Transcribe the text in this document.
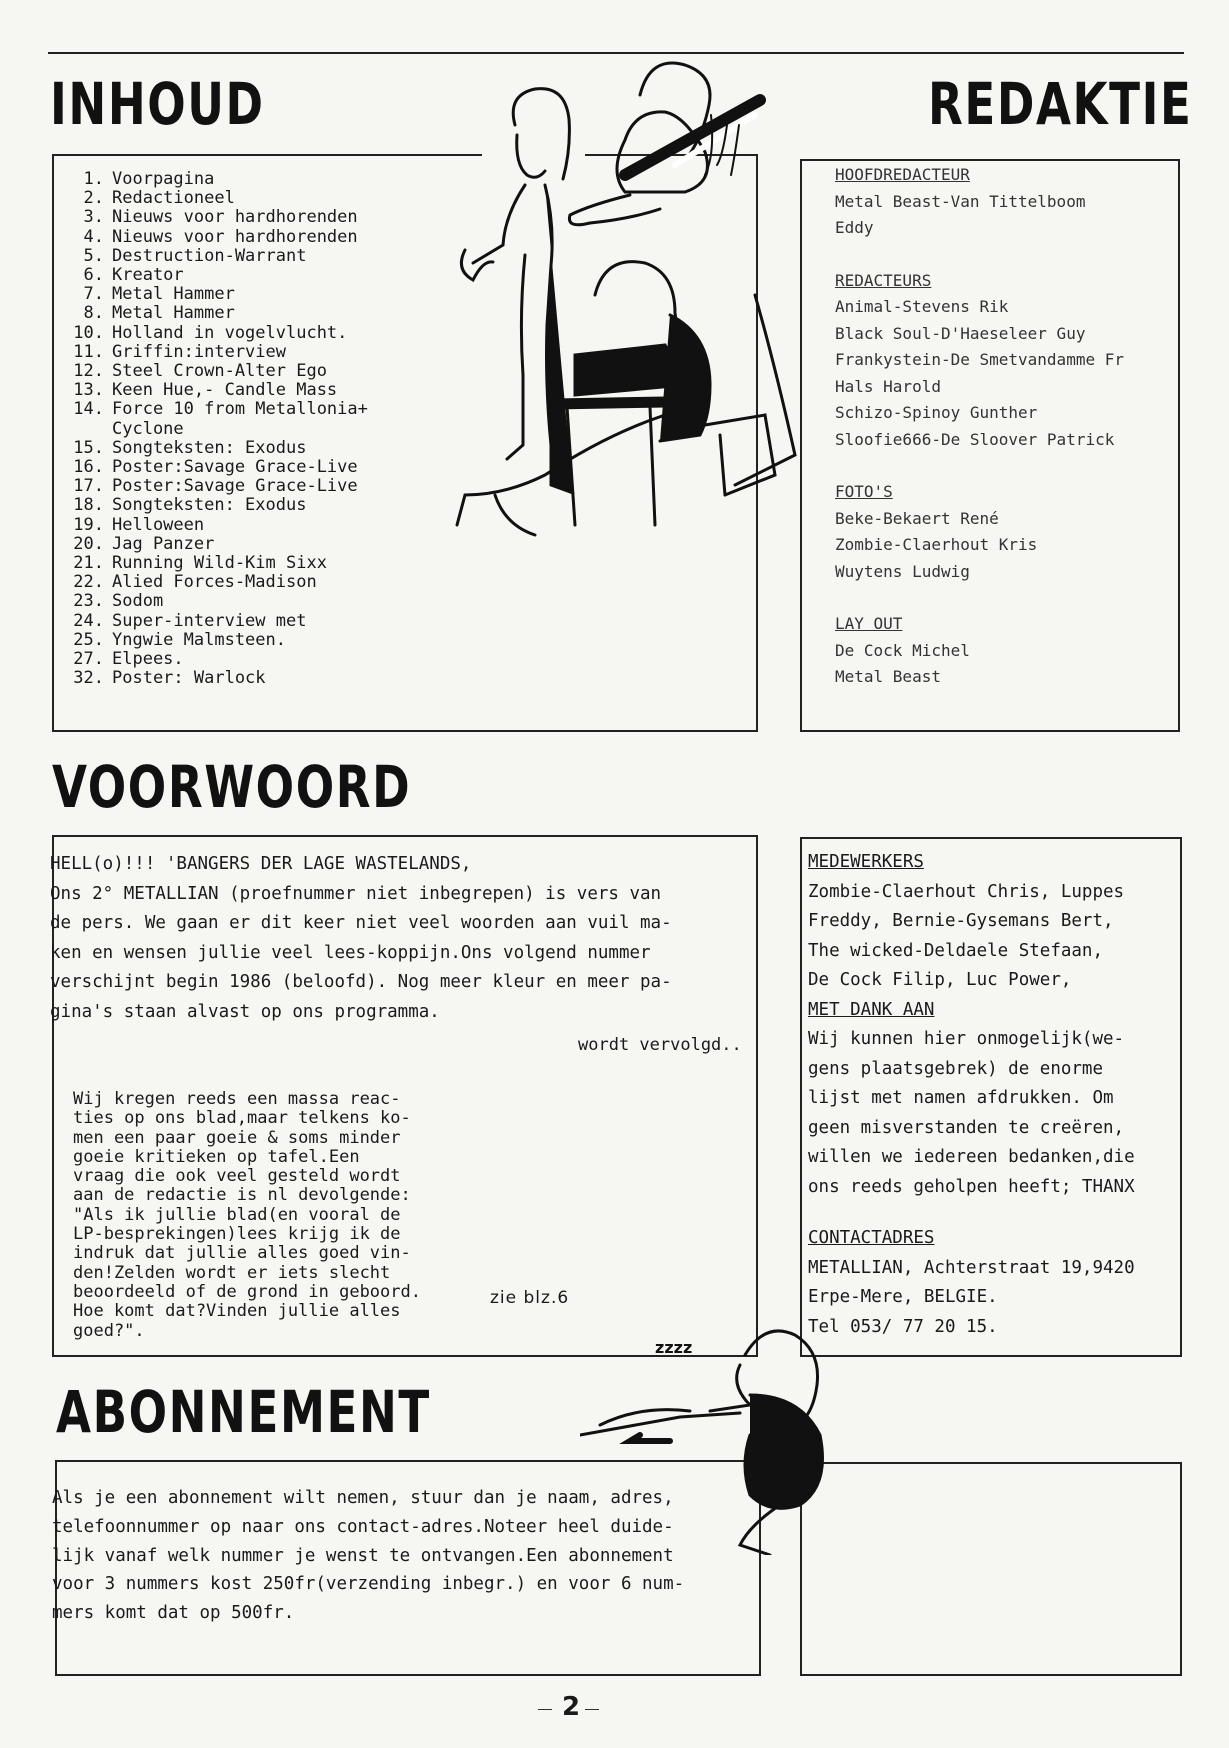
INHOUD	REDAKTIE
VOORWOORD
ABONNEMENT
1. Voorpagina
2. Redactioneel
3. Nieuws voor hardhorenden
4. Nieuws voor hardhorenden
5. Destruction-Warrant
6. Kreator
7. Metal Hammer
8. Metal Hammer
10. Holland in vogelvlucht.
11. Griffin:interview
12. Steel Crown-Alter Ego
13. Keen Hue,- Candle Mass
14. Force 10 from Metallonia+
Cyclone
15. Songteksten: Exodus
16. Poster:Savage Grace-Live
17. Poster:Savage Grace-Live
18. Songteksten: Exodus
19. Helloween
20. Jag Panzer
21. Running Wild-Kim Sixx
22. Alied Forces-Madison
23. Sodom
24. Super-interview met
25. Yngwie Malmsteen.
27. Elpees.
32. Poster: Warlock
HOOFDREDACTEUR
Metal Beast-Van Tittelboom
Eddy
REDACTEURS
Animal-Stevens Rik
Black Soul-D'Haeseleer Guy
Frankystein-De Smetvandamme Fr
Hals Harold
Schizo-Spinoy Gunther
Sloofie666-De Sloover Patrick
FOTO'S
Beke-Bekaert René
Zombie-Claerhout Kris
Wuytens Ludwig
LAY OUT
De Cock Michel
Metal Beast
HELL(o)!!! 'BANGERS DER LAGE WASTELANDS,
Ons 2° METALLIAN (proefnummer niet inbegrepen) is vers van
de pers. We gaan er dit keer niet veel woorden aan vuil ma-
ken en wensen jullie veel lees-koppijn.Ons volgend nummer
verschijnt begin 1986 (beloofd). Nog meer kleur en meer pa-
gina's staan alvast op ons programma.
wordt vervolgd..
Wij kregen reeds een massa reac-
ties op ons blad,maar telkens ko-
men een paar goeie & soms minder
goeie kritieken op tafel.Een
vraag die ook veel gesteld wordt
aan de redactie is nl devolgende:
"Als ik jullie blad(en vooral de
LP-besprekingen)lees krijg ik de
indruk dat jullie alles goed vin-
den!Zelden wordt er iets slecht
beoordeeld of de grond in geboord.
Hoe komt dat?Vinden jullie alles
goed?".
zie blz.6
MEDEWERKERS
Zombie-Claerhout Chris, Luppes
Freddy, Bernie-Gysemans Bert,
The wicked-Deldaele Stefaan,
De Cock Filip, Luc Power,
MET DANK AAN
Wij kunnen hier onmogelijk(we-
gens plaatsgebrek) de enorme
lijst met namen afdrukken. Om
geen misverstanden te creëren,
willen we iedereen bedanken,die
ons reeds geholpen heeft; THANX
CONTACTADRES
METALLIAN, Achterstraat 19,9420
Erpe-Mere, BELGIE.
Tel 053/ 77 20 15.
Als je een abonnement wilt nemen, stuur dan je naam, adres,
telefoonnummer op naar ons contact-adres.Noteer heel duide-
lijk vanaf welk nummer je wenst te ontvangen.Een abonnement
voor 3 nummers kost 250fr(verzending inbegr.) en voor 6 num-
mers komt dat op 500fr.
zzzz
2
